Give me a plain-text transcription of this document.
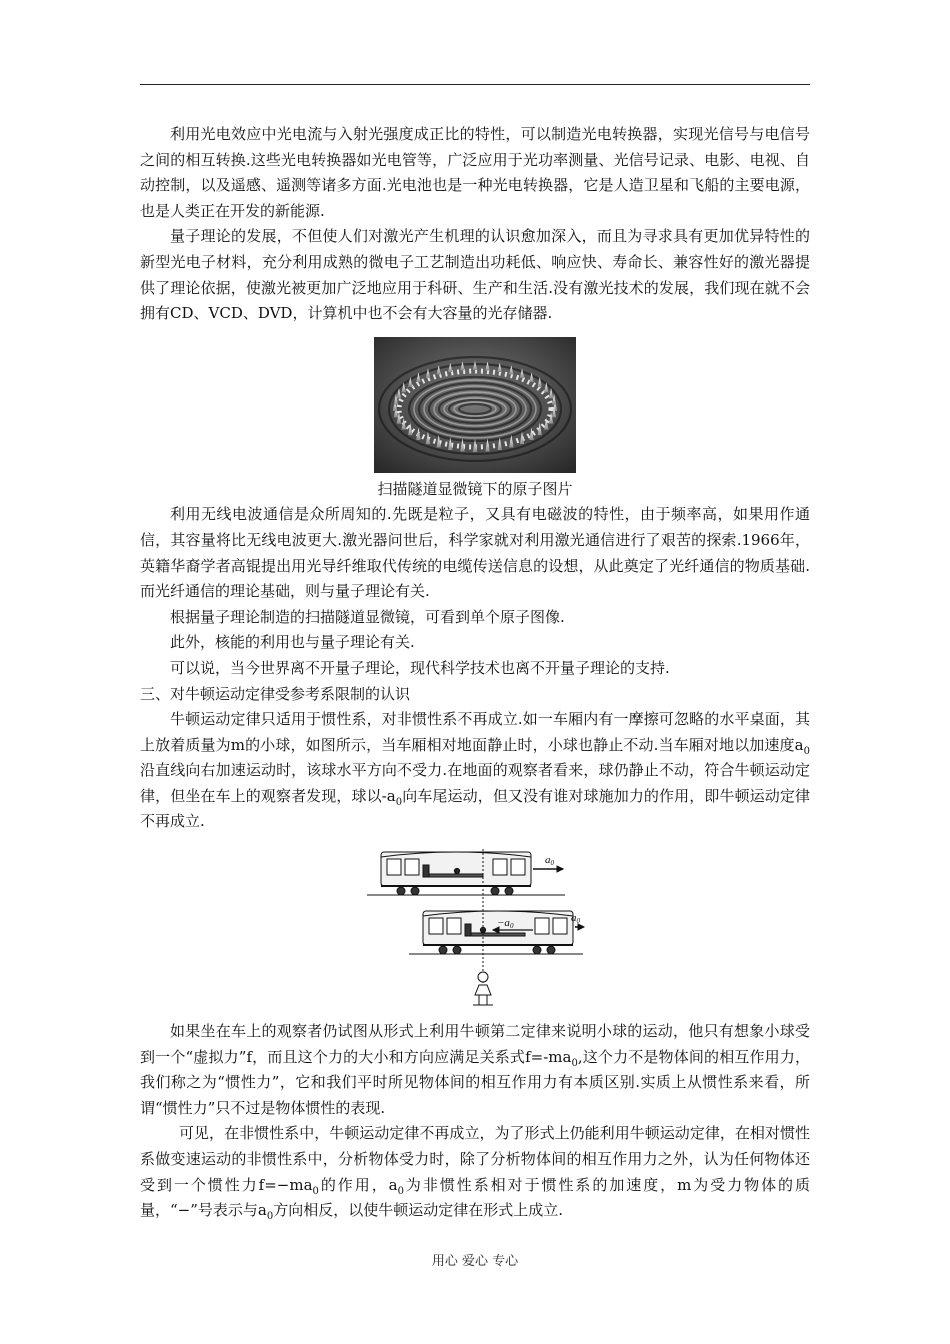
利用光电效应中光电流与入射光强度成正比的特性，可以制造光电转换器，实现光信号与电信号之间的相互转换.这些光电转换器如光电管等，广泛应用于光功率测量、光信号记录、电影、电视、自动控制，以及遥感、遥测等诸多方面.光电池也是一种光电转换器，它是人造卫星和飞船的主要电源，也是人类正在开发的新能源.

量子理论的发展，不但使人们对激光产生机理的认识愈加深入，而且为寻求具有更加优异特性的新型光电子材料，充分利用成熟的微电子工艺制造出功耗低、响应快、寿命长、兼容性好的激光器提供了理论依据，使激光被更加广泛地应用于科研、生产和生活.没有激光技术的发展，我们现在就不会拥有CD、VCD、DVD，计算机中也不会有大容量的光存储器.

扫描隧道显微镜下的原子图片

利用无线电波通信是众所周知的.先既是粒子，又具有电磁波的特性，由于频率高，如果用作通信，其容量将比无线电波更大.激光器问世后，科学家就对利用激光通信进行了艰苦的探索.1966年，英籍华裔学者高锟提出用光导纤维取代传统的电缆传送信息的设想，从此奠定了光纤通信的物质基础.而光纤通信的理论基础，则与量子理论有关.

根据量子理论制造的扫描隧道显微镜，可看到单个原子图像.

此外，核能的利用也与量子理论有关.

可以说，当今世界离不开量子理论，现代科学技术也离不开量子理论的支持.

三、对牛顿运动定律受参考系限制的认识

牛顿运动定律只适用于惯性系，对非惯性系不再成立.如一车厢内有一摩擦可忽略的水平桌面，其上放着质量为m的小球，如图所示，当车厢相对地面静止时，小球也静止不动.当车厢对地以加速度$a_0$沿直线向右加速运动时，该球水平方向不受力.在地面的观察者看来，球仍静止不动，符合牛顿运动定律，但坐在车上的观察者发现，球以$-a_0$向车尾运动，但又没有谁对球施加力的作用，即牛顿运动定律不再成立.

a0
−a0
a0

如果坐在车上的观察者仍试图从形式上利用牛顿第二定律来说明小球的运动，他只有想象小球受到一个“虚拟力”f，而且这个力的大小和方向应满足关系式$f=-ma_0$,这个力不是物体间的相互作用力，我们称之为“惯性力”，它和我们平时所见物体间的相互作用力有本质区别.实质上从惯性系来看，所谓“惯性力”只不过是物体惯性的表现.

可见，在非惯性系中，牛顿运动定律不再成立，为了形式上仍能利用牛顿运动定律，在相对惯性系做变速运动的非惯性系中，分析物体受力时，除了分析物体间的相互作用力之外，认为任何物体还受到一个惯性力$f=-ma_0$的作用，$a_0$为非惯性系相对于惯性系的加速度，m为受力物体的质量，“−”号表示与$a_0$方向相反，以使牛顿运动定律在形式上成立.

用心 爱心 专心
